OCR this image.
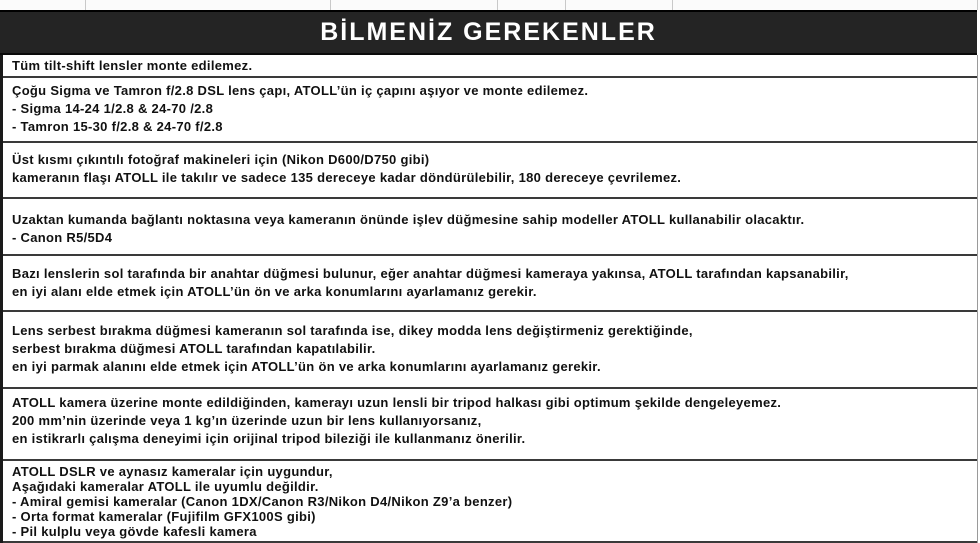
BİLMENİZ GEREKENLER
Tüm tilt-shift lensler monte edilemez.
Çoğu Sigma ve Tamron f/2.8 DSL lens çapı, ATOLL’ün iç çapını aşıyor ve monte edilemez.
- Sigma 14-24 1/2.8 & 24-70 /2.8
- Tamron 15-30 f/2.8 & 24-70 f/2.8
Üst kısmı çıkıntılı fotoğraf makineleri için (Nikon D600/D750 gibi)
kameranın flaşı ATOLL ile takılır ve sadece 135 dereceye kadar döndürülebilir, 180 dereceye çevrilemez.
Uzaktan kumanda bağlantı noktasına veya kameranın önünde işlev düğmesine sahip modeller ATOLL kullanabilir olacaktır.
- Canon R5/5D4
Bazı lenslerin sol tarafında bir anahtar düğmesi bulunur, eğer anahtar düğmesi kameraya yakınsa, ATOLL tarafından kapsanabilir,
en iyi alanı elde etmek için ATOLL’ün ön ve arka konumlarını ayarlamanız gerekir.
Lens serbest bırakma düğmesi kameranın sol tarafında ise, dikey modda lens değiştirmeniz gerektiğinde,
serbest bırakma düğmesi ATOLL tarafından kapatılabilir.
en iyi parmak alanını elde etmek için ATOLL’ün ön ve arka konumlarını ayarlamanız gerekir.
ATOLL kamera üzerine monte edildiğinden, kamerayı uzun lensli bir tripod halkası gibi optimum şekilde dengeleyemez.
200 mm’nin üzerinde veya 1 kg’ın üzerinde uzun bir lens kullanıyorsanız,
en istikrarlı çalışma deneyimi için orijinal tripod bileziği ile kullanmanız önerilir.
ATOLL DSLR ve aynasız kameralar için uygundur,
Aşağıdaki kameralar ATOLL ile uyumlu değildir.
- Amiral gemisi kameralar (Canon 1DX/Canon R3/Nikon D4/Nikon Z9’a benzer)
- Orta format kameralar (Fujifilm GFX100S gibi)
- Pil kulplu veya gövde kafesli kamera
